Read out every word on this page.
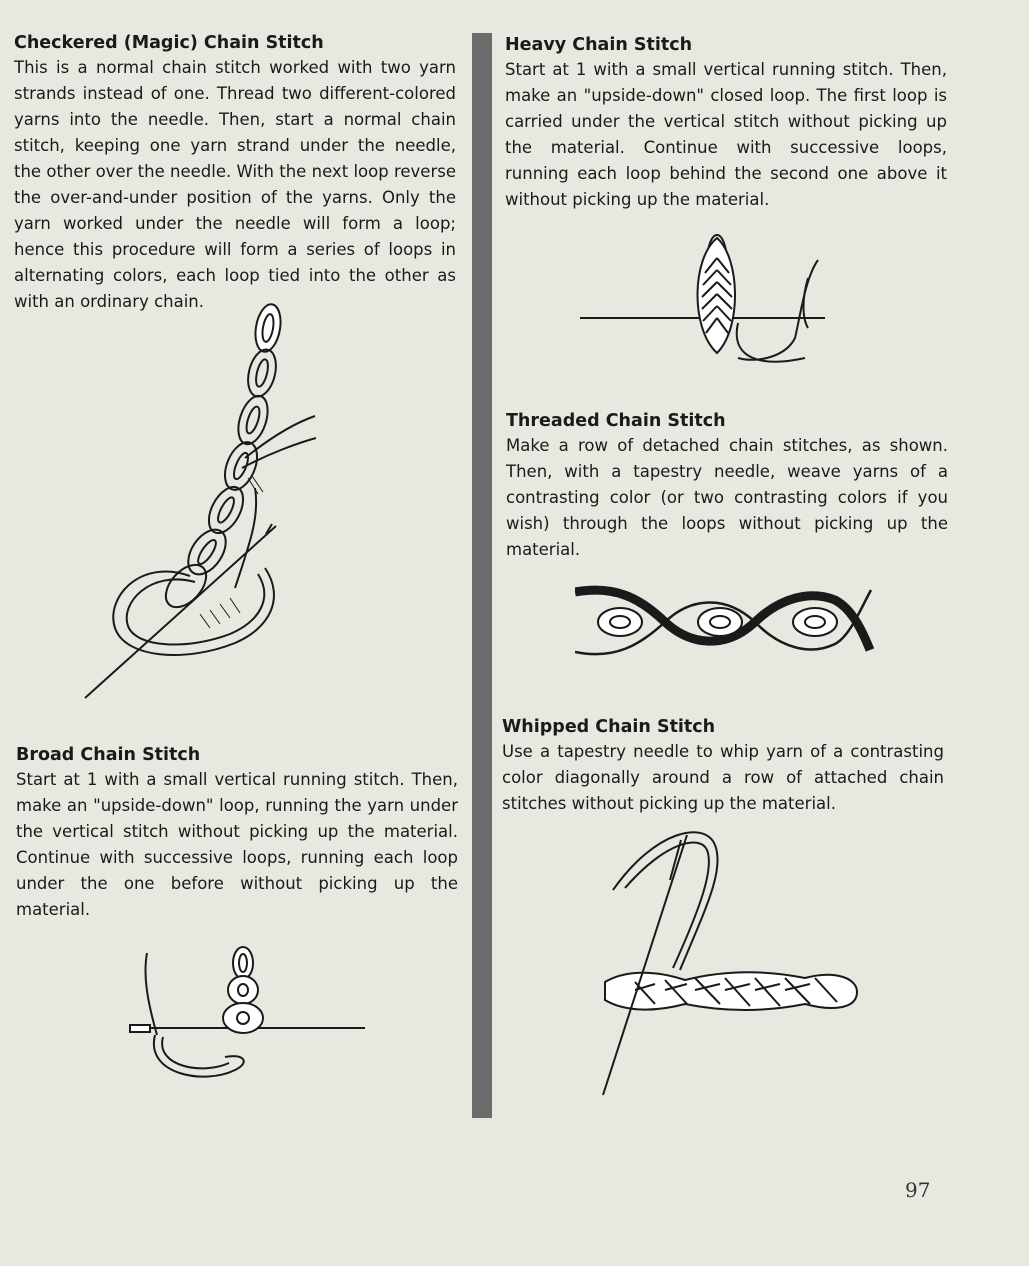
Checkered (Magic) Chain Stitch

This is a normal chain stitch worked with two yarn strands instead of one. Thread two different-colored yarns into the needle. Then, start a normal chain stitch, keeping one yarn strand under the needle, the other over the needle. With the next loop reverse the over-and-under position of the yarns. Only the yarn worked under the needle will form a loop; hence this procedure will form a series of loops in alternating colors, each loop tied into the other as with an ordinary chain.

Heavy Chain Stitch

Start at 1 with a small vertical running stitch. Then, make an "upside-down" closed loop. The first loop is carried under the vertical stitch without picking up the material. Continue with successive loops, running each loop behind the second one above it without picking up the material.

Threaded Chain Stitch

Make a row of detached chain stitches, as shown. Then, with a tapestry needle, weave yarns of a contrasting color (or two contrasting colors if you wish) through the loops without picking up the material.

Whipped Chain Stitch

Use a tapestry needle to whip yarn of a contrasting color diagonally around a row of attached chain stitches without picking up the material.

Broad Chain Stitch

Start at 1 with a small vertical running stitch. Then, make an "upside-down" loop, running the yarn under the vertical stitch without picking up the material. Continue with successive loops, running each loop under the one before without picking up the material.

97
